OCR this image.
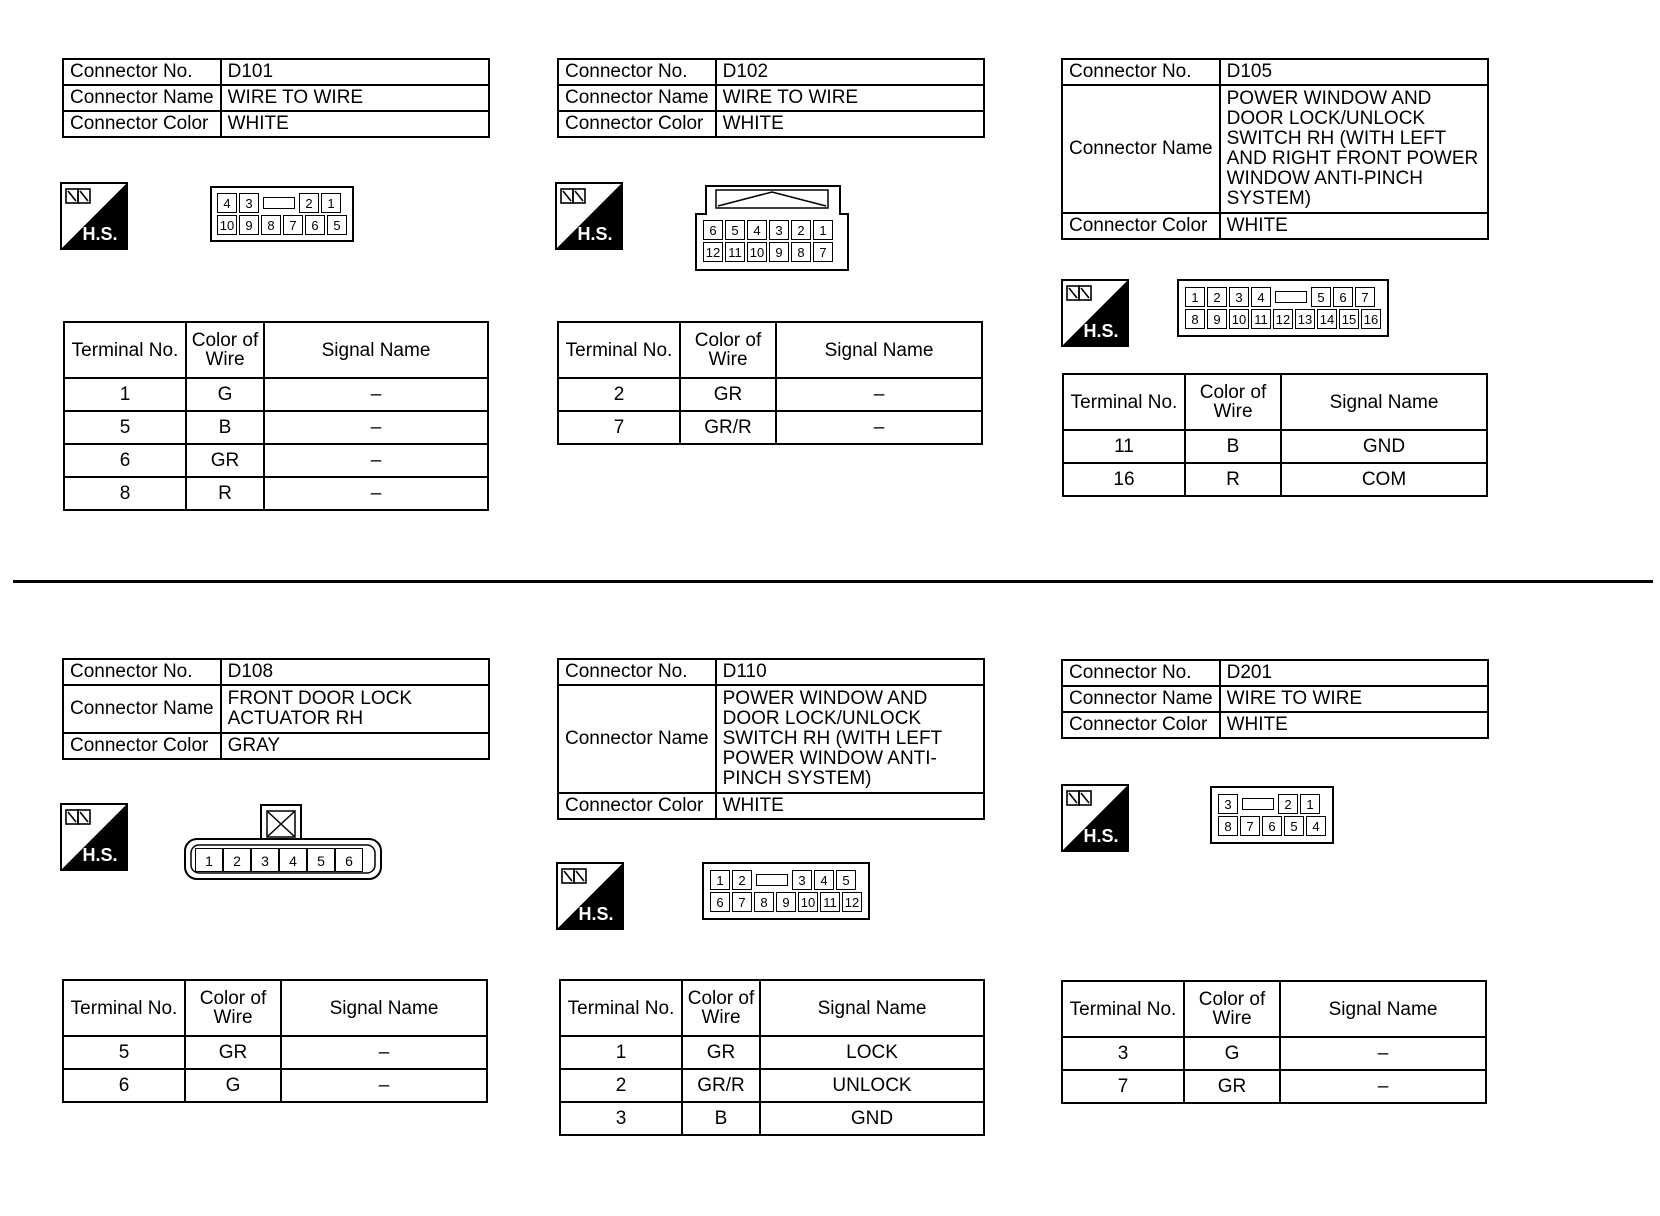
Connector No.	D101
Connector Name	WIRE TO WIRE
Connector Color	WHITE
H.S.
4	3	2	1
10 9	8	7	6	5
Terminal No.	Color of Wire	Signal Name
1	G	–
5	B	–
6	GR	–
8	R	–
Connector No.	D102
Connector Name	WIRE TO WIRE
Connector Color	WHITE
H.S.	6	5	4	3	2	1
12 11 10 9	8	7
Terminal No.	Color of Wire	Signal Name
2	GR	–
7	GR/R	–
Connector No.	D105
Connector Name	POWER WINDOW AND DOOR LOCK/UNLOCK SWITCH RH (WITH LEFT AND RIGHT FRONT POWER WINDOW ANTI-PINCH SYSTEM)
Connector Color	WHITE
H.S.
1	2	3	4	5	6	7
8	9 10 11 12 13 14 15 16
Terminal No.	Color of Wire	Signal Name
11	B	GND
16	R	COM
Connector No.	D108
Connector Name	FRONT DOOR LOCK ACTUATOR RH
Connector Color	GRAY
H.S.	1	2	3	4	5	6
Terminal No.	Color of Wire	Signal Name
5	GR	–
6	G	–
Connector No.	D110
Connector Name	POWER WINDOW AND DOOR LOCK/UNLOCK SWITCH RH (WITH LEFT POWER WINDOW ANTI-PINCH SYSTEM)
Connector Color	WHITE
H.S.
1	2	3	4	5
6	7	8	9 10 11 12
Terminal No.	Color of Wire	Signal Name
1	GR	LOCK
2	GR/R	UNLOCK
3	B	GND
Connector No.	D201
Connector Name	WIRE TO WIRE
Connector Color	WHITE
H.S.
3	2	1
8	7	6	5	4
Terminal No.	Color of Wire	Signal Name
3	G	–
7	GR	–
